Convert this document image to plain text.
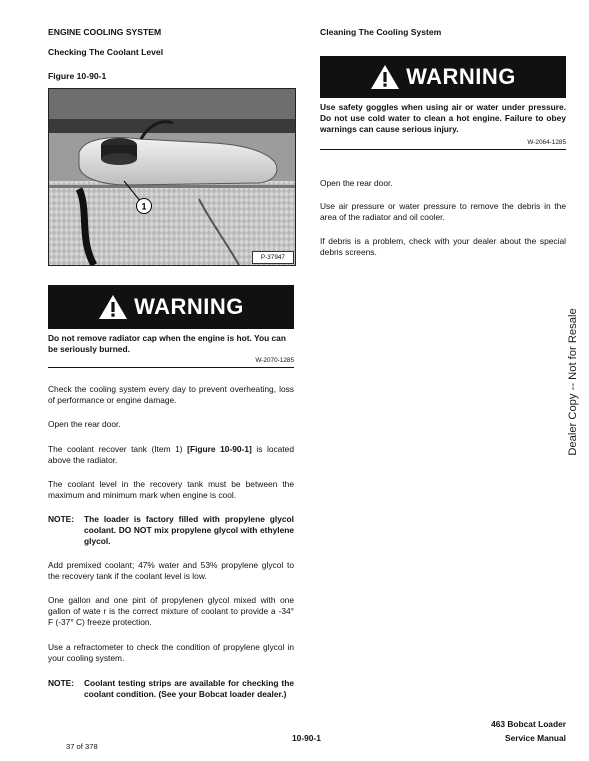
ENGINE COOLING SYSTEM
Checking The Coolant Level
Figure 10-90-1
1
P-37947
WARNING
Do not remove radiator cap when the engine is hot. You can be seriously burned.
W-2070-1285
Check the cooling system every day to prevent overheating, loss of performance or engine damage.
Open the rear door.
The coolant recover tank (Item 1) [Figure 10-90-1] is located above the radiator.
The coolant level in the recovery tank must be between the maximum and minimum mark when engine is cool.
NOTE:	The loader is factory filled with propylene glycol coolant. DO NOT mix propylene glycol with ethylene glycol.
Add premixed coolant; 47% water and 53% propylene glycol to the recovery tank if the coolant level is low.
One gallon and one pint of propylenen glycol mixed with one gallon of wate r is the correct mixture of coolant to provide a -34° F (-37° C) freeze protection.
Use a refractometer to check the condition of propylene glycol in your cooling system.
NOTE:	Coolant testing strips are available for checking the coolant condition. (See your Bobcat loader dealer.)
Cleaning The Cooling System
WARNING
Use safety goggles when using air or water under pressure. Do not use cold water to clean a hot engine. Failure to obey warnings can cause serious injury.
W-2064-1285
Open the rear door.
Use air pressure or water pressure to remove the debris in the area of the radiator and oil cooler.
If debris is a problem, check with your dealer about the special debris screens.
Dealer Copy -- Not for Resale
10-90-1
463 Bobcat Loader
Service Manual
37 of 378
